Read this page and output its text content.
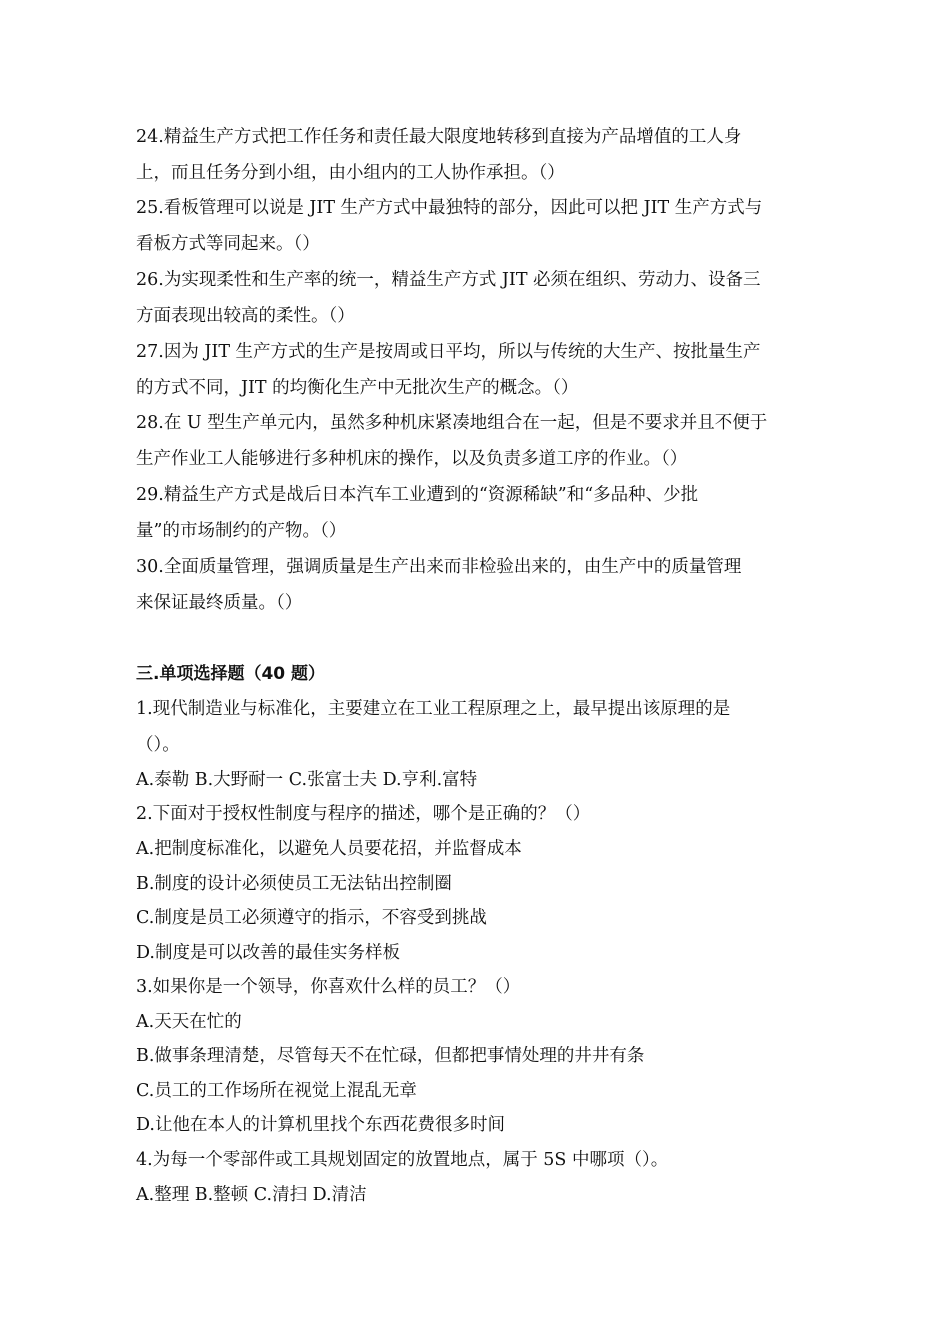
24.精益生产方式把工作任务和责任最大限度地转移到直接为产品增值的工人身
上，而且任务分到小组，由小组内的工人协作承担。（）
25.看板管理可以说是 JIT 生产方式中最独特的部分，因此可以把 JIT 生产方式与
看板方式等同起来。（）
26.为实现柔性和生产率的统一，精益生产方式 JIT 必须在组织、劳动力、设备三
方面表现出较高的柔性。（）
27.因为 JIT 生产方式的生产是按周或日平均，所以与传统的大生产、按批量生产
的方式不同，JIT 的均衡化生产中无批次生产的概念。（）
28.在 U 型生产单元内，虽然多种机床紧凑地组合在一起，但是不要求并且不便于
生产作业工人能够进行多种机床的操作，以及负责多道工序的作业。（）
29.精益生产方式是战后日本汽车工业遭到的“资源稀缺”和“多品种、少批
量”的市场制约的产物。（）
30.全面质量管理，强调质量是生产出来而非检验出来的，由生产中的质量管理
来保证最终质量。（）
三.单项选择题（40 题）
1.现代制造业与标准化，主要建立在工业工程原理之上，最早提出该原理的是
（）。
A.泰勒 B.大野耐一 C.张富士夫 D.亨利.富特
2.下面对于授权性制度与程序的描述，哪个是正确的？（）
A.把制度标准化，以避免人员要花招，并监督成本
B.制度的设计必须使员工无法钻出控制圈
C.制度是员工必须遵守的指示，不容受到挑战
D.制度是可以改善的最佳实务样板
3.如果你是一个领导，你喜欢什么样的员工？（）
A.天天在忙的
B.做事条理清楚，尽管每天不在忙碌，但都把事情处理的井井有条
C.员工的工作场所在视觉上混乱无章
D.让他在本人的计算机里找个东西花费很多时间
4.为每一个零部件或工具规划固定的放置地点，属于 5S 中哪项（）。
A.整理 B.整顿 C.清扫 D.清洁
